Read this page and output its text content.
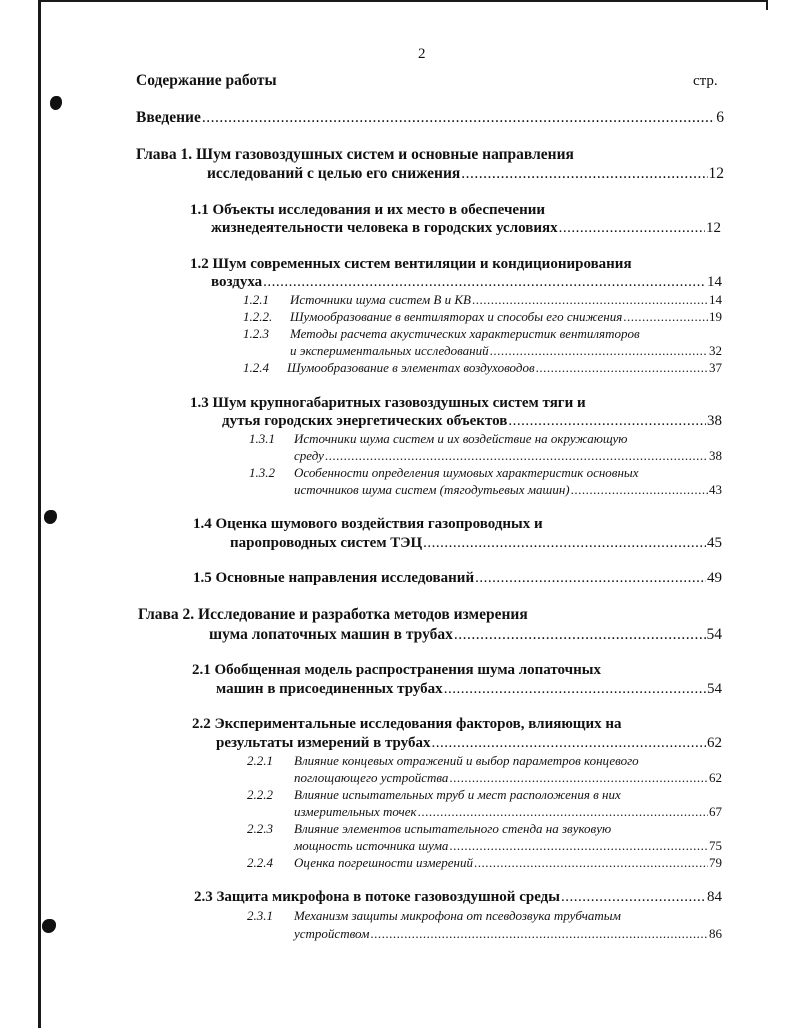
2
Содержание работы	стр.
Введение .....	6
Глава 1. Шум газовоздушных систем и основные направления
исследований с целью его снижения .....	12
1.1 Объекты исследования и их место в обеспечении
жизнедеятельности человека в городских условиях .....	12
1.2 Шум современных систем вентиляции и кондиционирования
воздуха .....	14
1.2.1 Источники шума систем В и КВ .....	14
1.2.2. Шумообразование в вентиляторах и способы его снижения .....	19
1.2.3 Методы расчета акустических характеристик вентиляторов
и экспериментальных исследований .....	32
1.2.4 Шумообразование в элементах воздуховодов .....	37
1.3 Шум крупногабаритных газовоздушных систем тяги и
дутья городских энергетических объектов .....	38
1.3.1 Источники шума систем и их воздействие на окружающую
среду .....	38
1.3.2 Особенности определения шумовых характеристик основных
источников шума систем (тягодутьевых машин) .....	43
1.4 Оценка шумового воздействия газопроводных и
паропроводных систем ТЭЦ .....	45
1.5 Основные направления исследований .....	49
Глава 2. Исследование и разработка методов измерения
шума лопаточных машин в трубах .....	54
2.1 Обобщенная модель распространения шума лопаточных
машин в присоединенных трубах .....	54
2.2 Экспериментальные исследования факторов, влияющих на
результаты измерений в трубах .....	62
2.2.1 Влияние концевых отражений и выбор параметров концевого
поглощающего устройства .....	62
2.2.2 Влияние испытательных труб и мест расположения в них
измерительных точек .....	67
2.2.3 Влияние элементов испытательного стенда на звуковую
мощность источника шума .....	75
2.2.4 Оценка погрешности измерений .....	79
2.3 Защита микрофона в потоке газовоздушной среды .....	84
2.3.1 Механизм защиты микрофона от псевдозвука трубчатым
устройством .....	86
